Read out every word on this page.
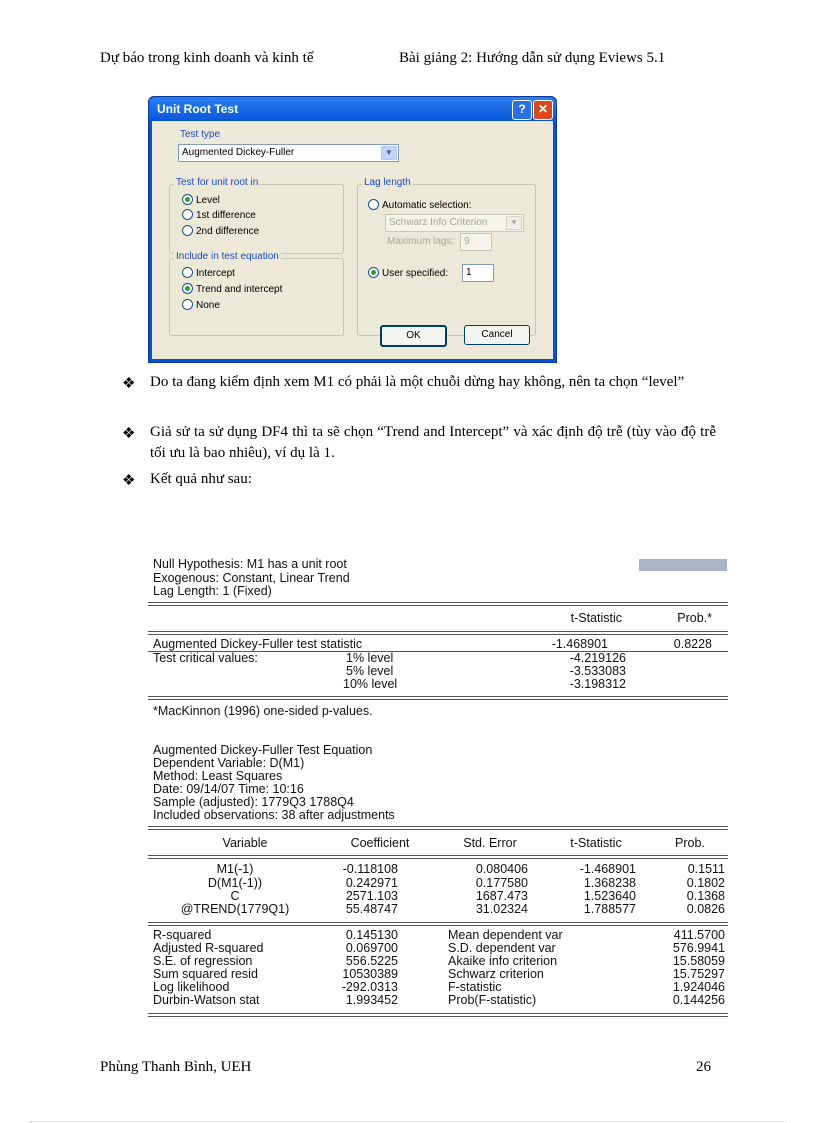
Dự báo trong kinh doanh và kinh tế	Bài giảng 2: Hướng dẫn sử dụng Eviews 5.1
Unit Root Test	?	✕
Test type
Augmented Dickey-Fuller	▼
Test for unit root in
Level
1st difference
2nd difference
Include in test equation
Intercept
Trend and intercept
None
Lag length
Automatic selection:
Schwarz Info Criterion	▼
Maximum lags: 9
User specified: 1
OK	Cancel
❖ Do ta đang kiểm định xem M1 có phải là một chuỗi dừng hay không, nên ta chọn “level”
❖ Giả sử ta sử dụng DF4 thì ta sẽ chọn “Trend and Intercept” và xác định độ trễ (tùy vào độ trễ tối ưu là bao nhiêu), ví dụ là 1.
❖ Kết quả như sau:
Null Hypothesis: M1 has a unit root
Exogenous: Constant, Linear Trend
Lag Length: 1 (Fixed)
t-Statistic	Prob.*
Augmented Dickey-Fuller test statistic	-1.468901	0.8228
Test critical values:	1% level	-4.219126
5% level	-3.533083
10% level	-3.198312
*MacKinnon (1996) one-sided p-values.
Augmented Dickey-Fuller Test Equation
Dependent Variable: D(M1)
Method: Least Squares
Date: 09/14/07 Time: 10:16
Sample (adjusted): 1779Q3 1788Q4
Included observations: 38 after adjustments
Variable	Coefficient	Std. Error	t-Statistic	Prob.
M1(-1)	-0.118108	0.080406	-1.468901	0.1511
D(M1(-1))	0.242971	0.177580	1.368238	0.1802
C	2571.103	1687.473	1.523640	0.1368
@TREND(1779Q1)	55.48747	31.02324	1.788577	0.0826
R-squared	0.145130	Mean dependent var	411.5700
Adjusted R-squared	0.069700	S.D. dependent var	576.9941
S.E. of regression	556.5225	Akaike info criterion	15.58059
Sum squared resid	10530389	Schwarz criterion	15.75297
Log likelihood	-292.0313	F-statistic	1.924046
Durbin-Watson stat	1.993452	Prob(F-statistic)	0.144256
Phùng Thanh Bình, UEH	26
